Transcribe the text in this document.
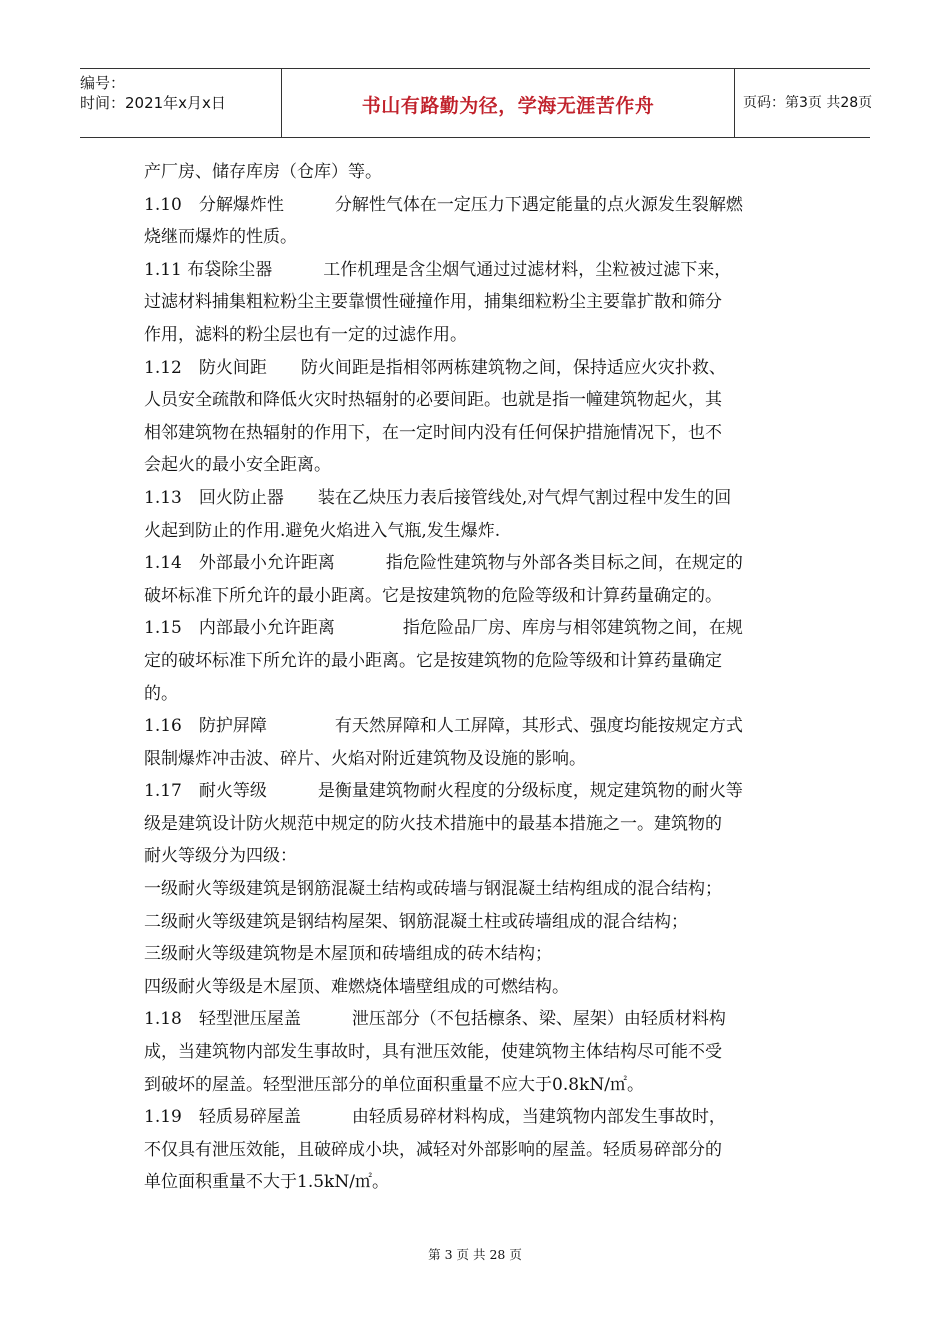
编号：
时间：2021年x月x日	书山有路勤为径，学海无涯苦作舟	页码：第3页 共28页
产厂房、储存库房（仓库）等。
1.10　分解爆炸性　　　分解性气体在一定压力下遇定能量的点火源发生裂解燃
烧继而爆炸的性质。
1.11 布袋除尘器　　　工作机理是含尘烟气通过过滤材料，尘粒被过滤下来，
过滤材料捕集粗粒粉尘主要靠惯性碰撞作用，捕集细粒粉尘主要靠扩散和筛分
作用，滤料的粉尘层也有一定的过滤作用。
1.12　防火间距　　防火间距是指相邻两栋建筑物之间，保持适应火灾扑救、
人员安全疏散和降低火灾时热辐射的必要间距。也就是指一幢建筑物起火，其
相邻建筑物在热辐射的作用下，在一定时间内没有任何保护措施情况下，也不
会起火的最小安全距离。
1.13　回火防止器　　装在乙炔压力表后接管线处,对气焊气割过程中发生的回
火起到防止的作用.避免火焰进入气瓶,发生爆炸.
1.14　外部最小允许距离　　　指危险性建筑物与外部各类目标之间，在规定的
破坏标准下所允许的最小距离。它是按建筑物的危险等级和计算药量确定的。
1.15　内部最小允许距离　　　　指危险品厂房、库房与相邻建筑物之间，在规
定的破坏标准下所允许的最小距离。它是按建筑物的危险等级和计算药量确定
的。
1.16　防护屏障　　　　有天然屏障和人工屏障，其形式、强度均能按规定方式
限制爆炸冲击波、碎片、火焰对附近建筑物及设施的影响。
1.17　耐火等级　　　是衡量建筑物耐火程度的分级标度，规定建筑物的耐火等
级是建筑设计防火规范中规定的防火技术措施中的最基本措施之一。建筑物的
耐火等级分为四级：
一级耐火等级建筑是钢筋混凝土结构或砖墙与钢混凝土结构组成的混合结构；
二级耐火等级建筑是钢结构屋架、钢筋混凝土柱或砖墙组成的混合结构；
三级耐火等级建筑物是木屋顶和砖墙组成的砖木结构；
四级耐火等级是木屋顶、难燃烧体墙壁组成的可燃结构。
1.18　轻型泄压屋盖　　　泄压部分（不包括檩条、梁、屋架）由轻质材料构
成，当建筑物内部发生事故时，具有泄压效能，使建筑物主体结构尽可能不受
到破坏的屋盖。轻型泄压部分的单位面积重量不应大于0.8kN/㎡。
1.19　轻质易碎屋盖　　　由轻质易碎材料构成，当建筑物内部发生事故时，
不仅具有泄压效能，且破碎成小块，减轻对外部影响的屋盖。轻质易碎部分的
单位面积重量不大于1.5kN/㎡。
第 3 页 共 28 页
